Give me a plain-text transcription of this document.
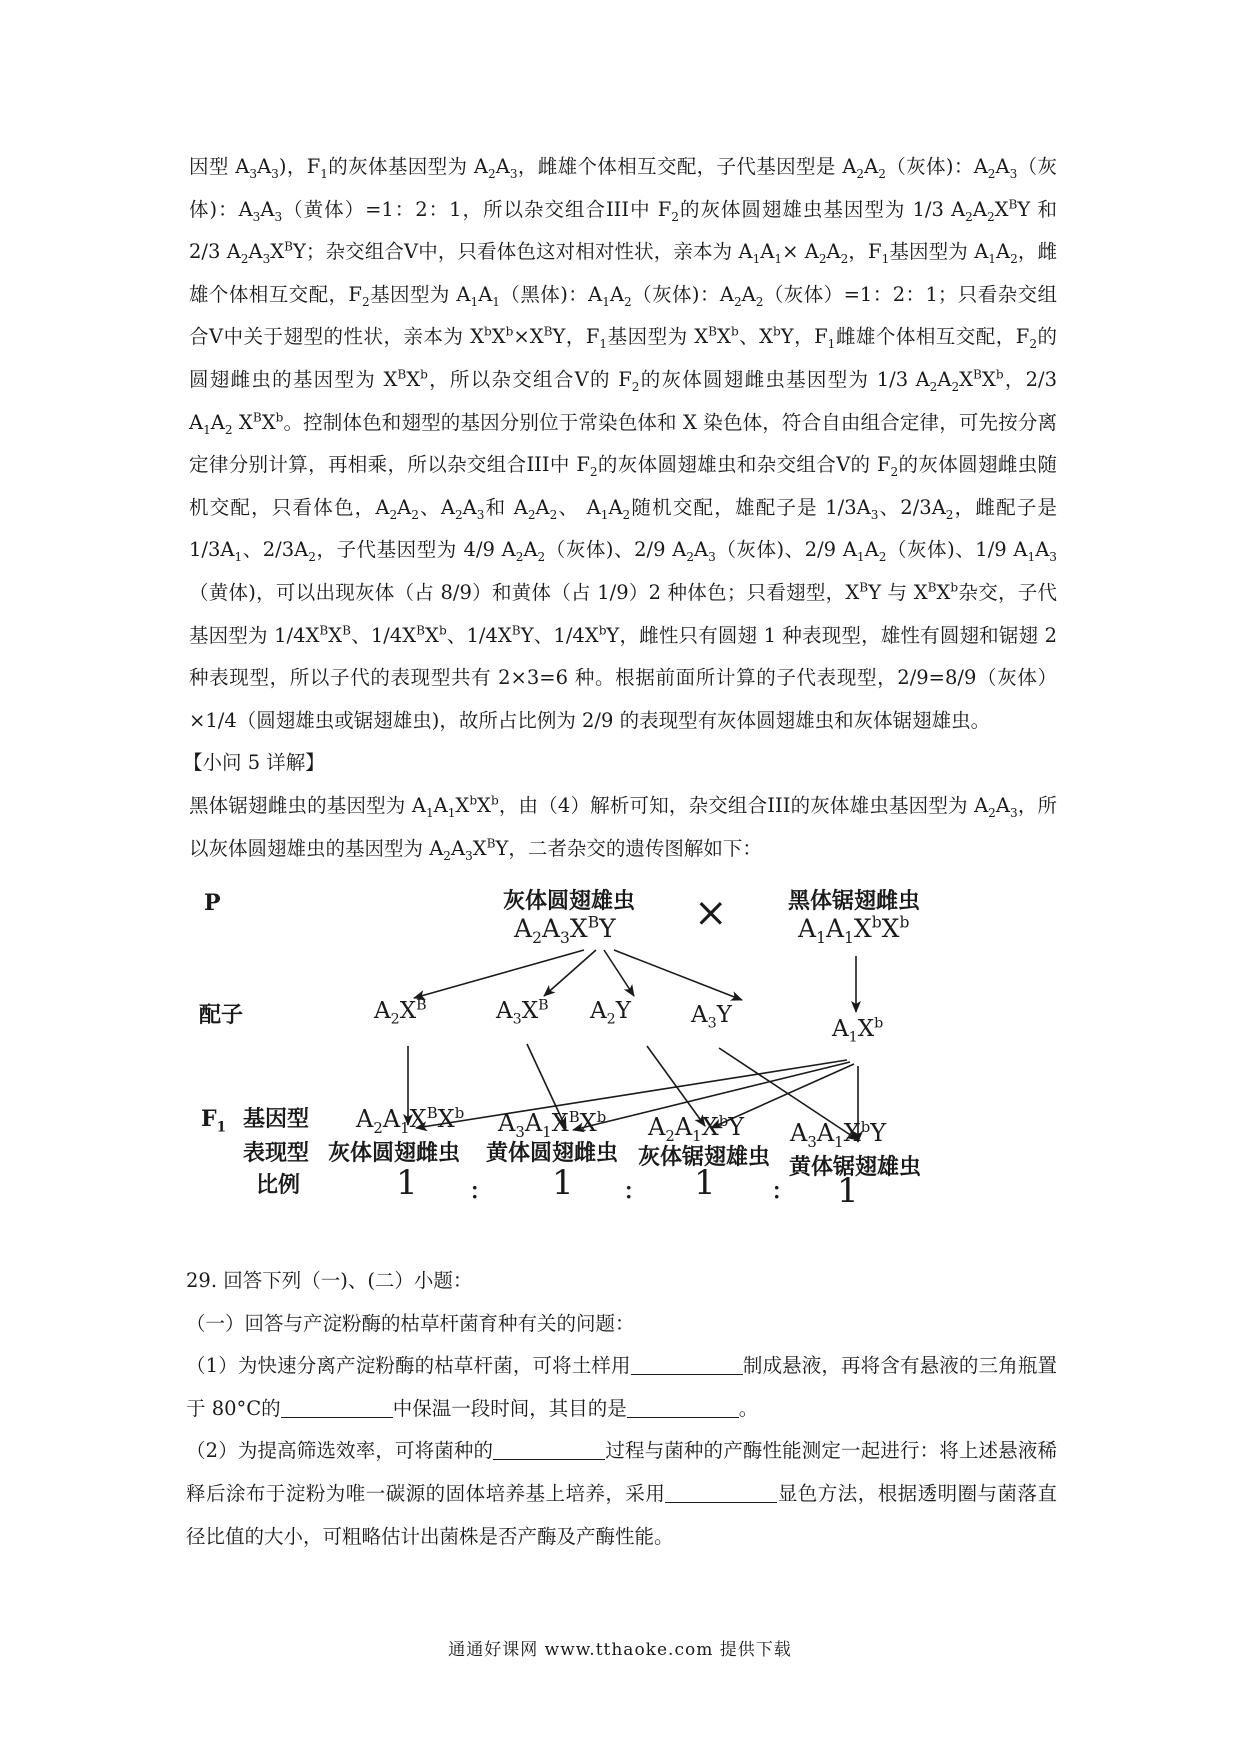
因型 $A_3A_3$)，$F_1$的灰体基因型为 $A_2A_3$，雌雄个体相互交配，子代基因型是 $A_2A_2$（灰体)：$A_2A_3$（灰体)：$A_3A_3$（黄体）=1：2：1，所以杂交组合III中 $F_2$的灰体圆翅雄虫基因型为 1/3 $A_2A_2X^BY$ 和 2/3 $A_2A_3X^BY$；杂交组合Ⅴ中，只看体色这对相对性状，亲本为 $A_1A_1\times A_2A_2$，$F_1$基因型为 $A_1A_2$，雌雄个体相互交配，$F_2$基因型为 $A_1A_1$（黑体)：$A_1A_2$（灰体)：$A_2A_2$（灰体）=1：2：1；只看杂交组合Ⅴ中关于翅型的性状，亲本为 $X^bX^b\times X^BY$，$F_1$基因型为 $X^BX^b$、$X^bY$，$F_1$雌雄个体相互交配，$F_2$的圆翅雌虫的基因型为 $X^BX^b$，所以杂交组合Ⅴ的 $F_2$的灰体圆翅雌虫基因型为 1/3 $A_2A_2X^BX^b$，2/3 $A_1A_2$ $X^BX^b$。控制体色和翅型的基因分别位于常染色体和 X 染色体，符合自由组合定律，可先按分离定律分别计算，再相乘，所以杂交组合III中 $F_2$的灰体圆翅雄虫和杂交组合Ⅴ的 $F_2$的灰体圆翅雌虫随机交配，只看体色，$A_2A_2$、$A_2A_3$和 $A_2A_2$、 $A_1A_2$随机交配，雄配子是 $1/3A_3$、$2/3A_2$，雌配子是 $1/3A_1$、$2/3A_2$，子代基因型为 4/9 $A_2A_2$（灰体)、2/9 $A_2A_3$（灰体)、2/9 $A_1A_2$（灰体)、1/9 $A_1A_3$（黄体)，可以出现灰体（占 8/9）和黄体（占 1/9）2 种体色；只看翅型，$X^BY$ 与 $X^BX^b$杂交，子代基因型为 $1/4X^BX^B$、$1/4X^BX^b$、$1/4X^BY$、$1/4X^bY$，雌性只有圆翅 1 种表现型，雄性有圆翅和锯翅 2 种表现型，所以子代的表现型共有 2×3=6 种。根据前面所计算的子代表现型，2/9=8/9（灰体）×1/4（圆翅雄虫或锯翅雄虫)，故所占比例为 2/9 的表现型有灰体圆翅雄虫和灰体锯翅雄虫。

【小问 5 详解】

黑体锯翅雌虫的基因型为 $A_1A_1X^bX^b$，由（4）解析可知，杂交组合III的灰体雄虫基因型为 $A_2A_3$，所以灰体圆翅雄虫的基因型为 $A_2A_3X^BY$，二者杂交的遗传图解如下：

P
配子
$F_1$ 基因型
表现型
比例
灰体圆翅雄虫
$A_2A_3X^BY$ ×	黑体锯翅雌虫
$A_1A_1X^bX^b$
$A_2X^B$	$A_3X^B$ $A_2Y$	$A_3Y$
$A_1X^b$
$A_2A_1X^BX^b$ $A_3A_1X^BX^b$ $A_2A_1X^bY$ $A_3A_1X^bY$
灰体圆翅雌虫 黄体圆翅雌虫 灰体锯翅雄虫 黄体锯翅雄虫
1 : 1 : 1 : 1

29. 回答下列（一)、(二）小题：

（一）回答与产淀粉酶的枯草杆菌育种有关的问题：

（1）为快速分离产淀粉酶的枯草杆菌，可将土样用	制成悬液，再将含有悬液的三角瓶置于 80°C的	中保温一段时间，其目的是	。

（2）为提高筛选效率，可将菌种的	过程与菌种的产酶性能测定一起进行：将上述悬液稀释后涂布于淀粉为唯一碳源的固体培养基上培养，采用	显色方法，根据透明圈与菌落直径比值的大小，可粗略估计出菌株是否产酶及产酶性能。

通通好课网 www.tthaoke.com 提供下载
